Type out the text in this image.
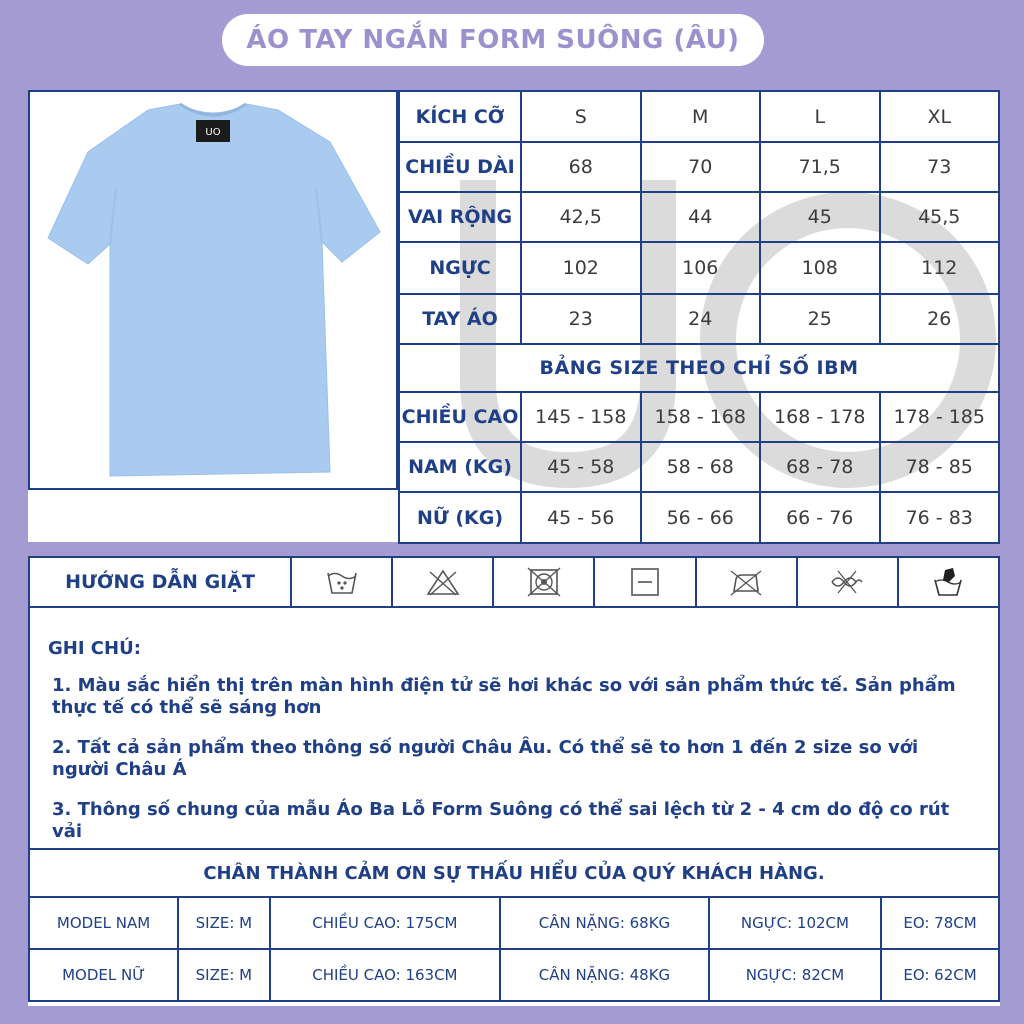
ÁO TAY NGẮN FORM SUÔNG (ÂU)
UO
KÍCH CỠ	S	M	L	XL
CHIỀU DÀI	68	70	71,5	73
VAI RỘNG	42,5	44	45	45,5
NGỰC	102	106	108	112
TAY ÁO	23	24	25	26
BẢNG SIZE THEO CHỈ SỐ IBM				
CHIỀU CAO	145 - 158	158 - 168	168 - 178	178 - 185
NAM (KG)	45 - 58	58 - 68	68 - 78	78 - 85
NỮ (KG)	45 - 56	56 - 66	66 - 76	76 - 83
HƯỚNG DẪN GIẶT
GHI CHÚ:

1. Màu sắc hiển thị trên màn hình điện tử sẽ hơi khác so với sản phẩm thức tế. Sản phẩm thực tế có thể sẽ sáng hơn

2. Tất cả sản phẩm theo thông số người Châu Âu. Có thể sẽ to hơn 1 đến 2 size so với người Châu Á

3. Thông số chung của mẫu Áo Ba Lỗ Form Suông có thể sai lệch từ 2 - 4 cm do độ co rút vải

CHÂN THÀNH CẢM ƠN SỰ THẤU HIỂU CỦA QUÝ KHÁCH HÀNG.
MODEL NAM	SIZE: M	CHIỀU CAO: 175CM	CÂN NẶNG: 68KG	NGỰC: 102CM	EO: 78CM
MODEL NỮ	SIZE: M	CHIỀU CAO: 163CM	CÂN NẶNG: 48KG	NGỰC: 82CM	EO: 62CM
